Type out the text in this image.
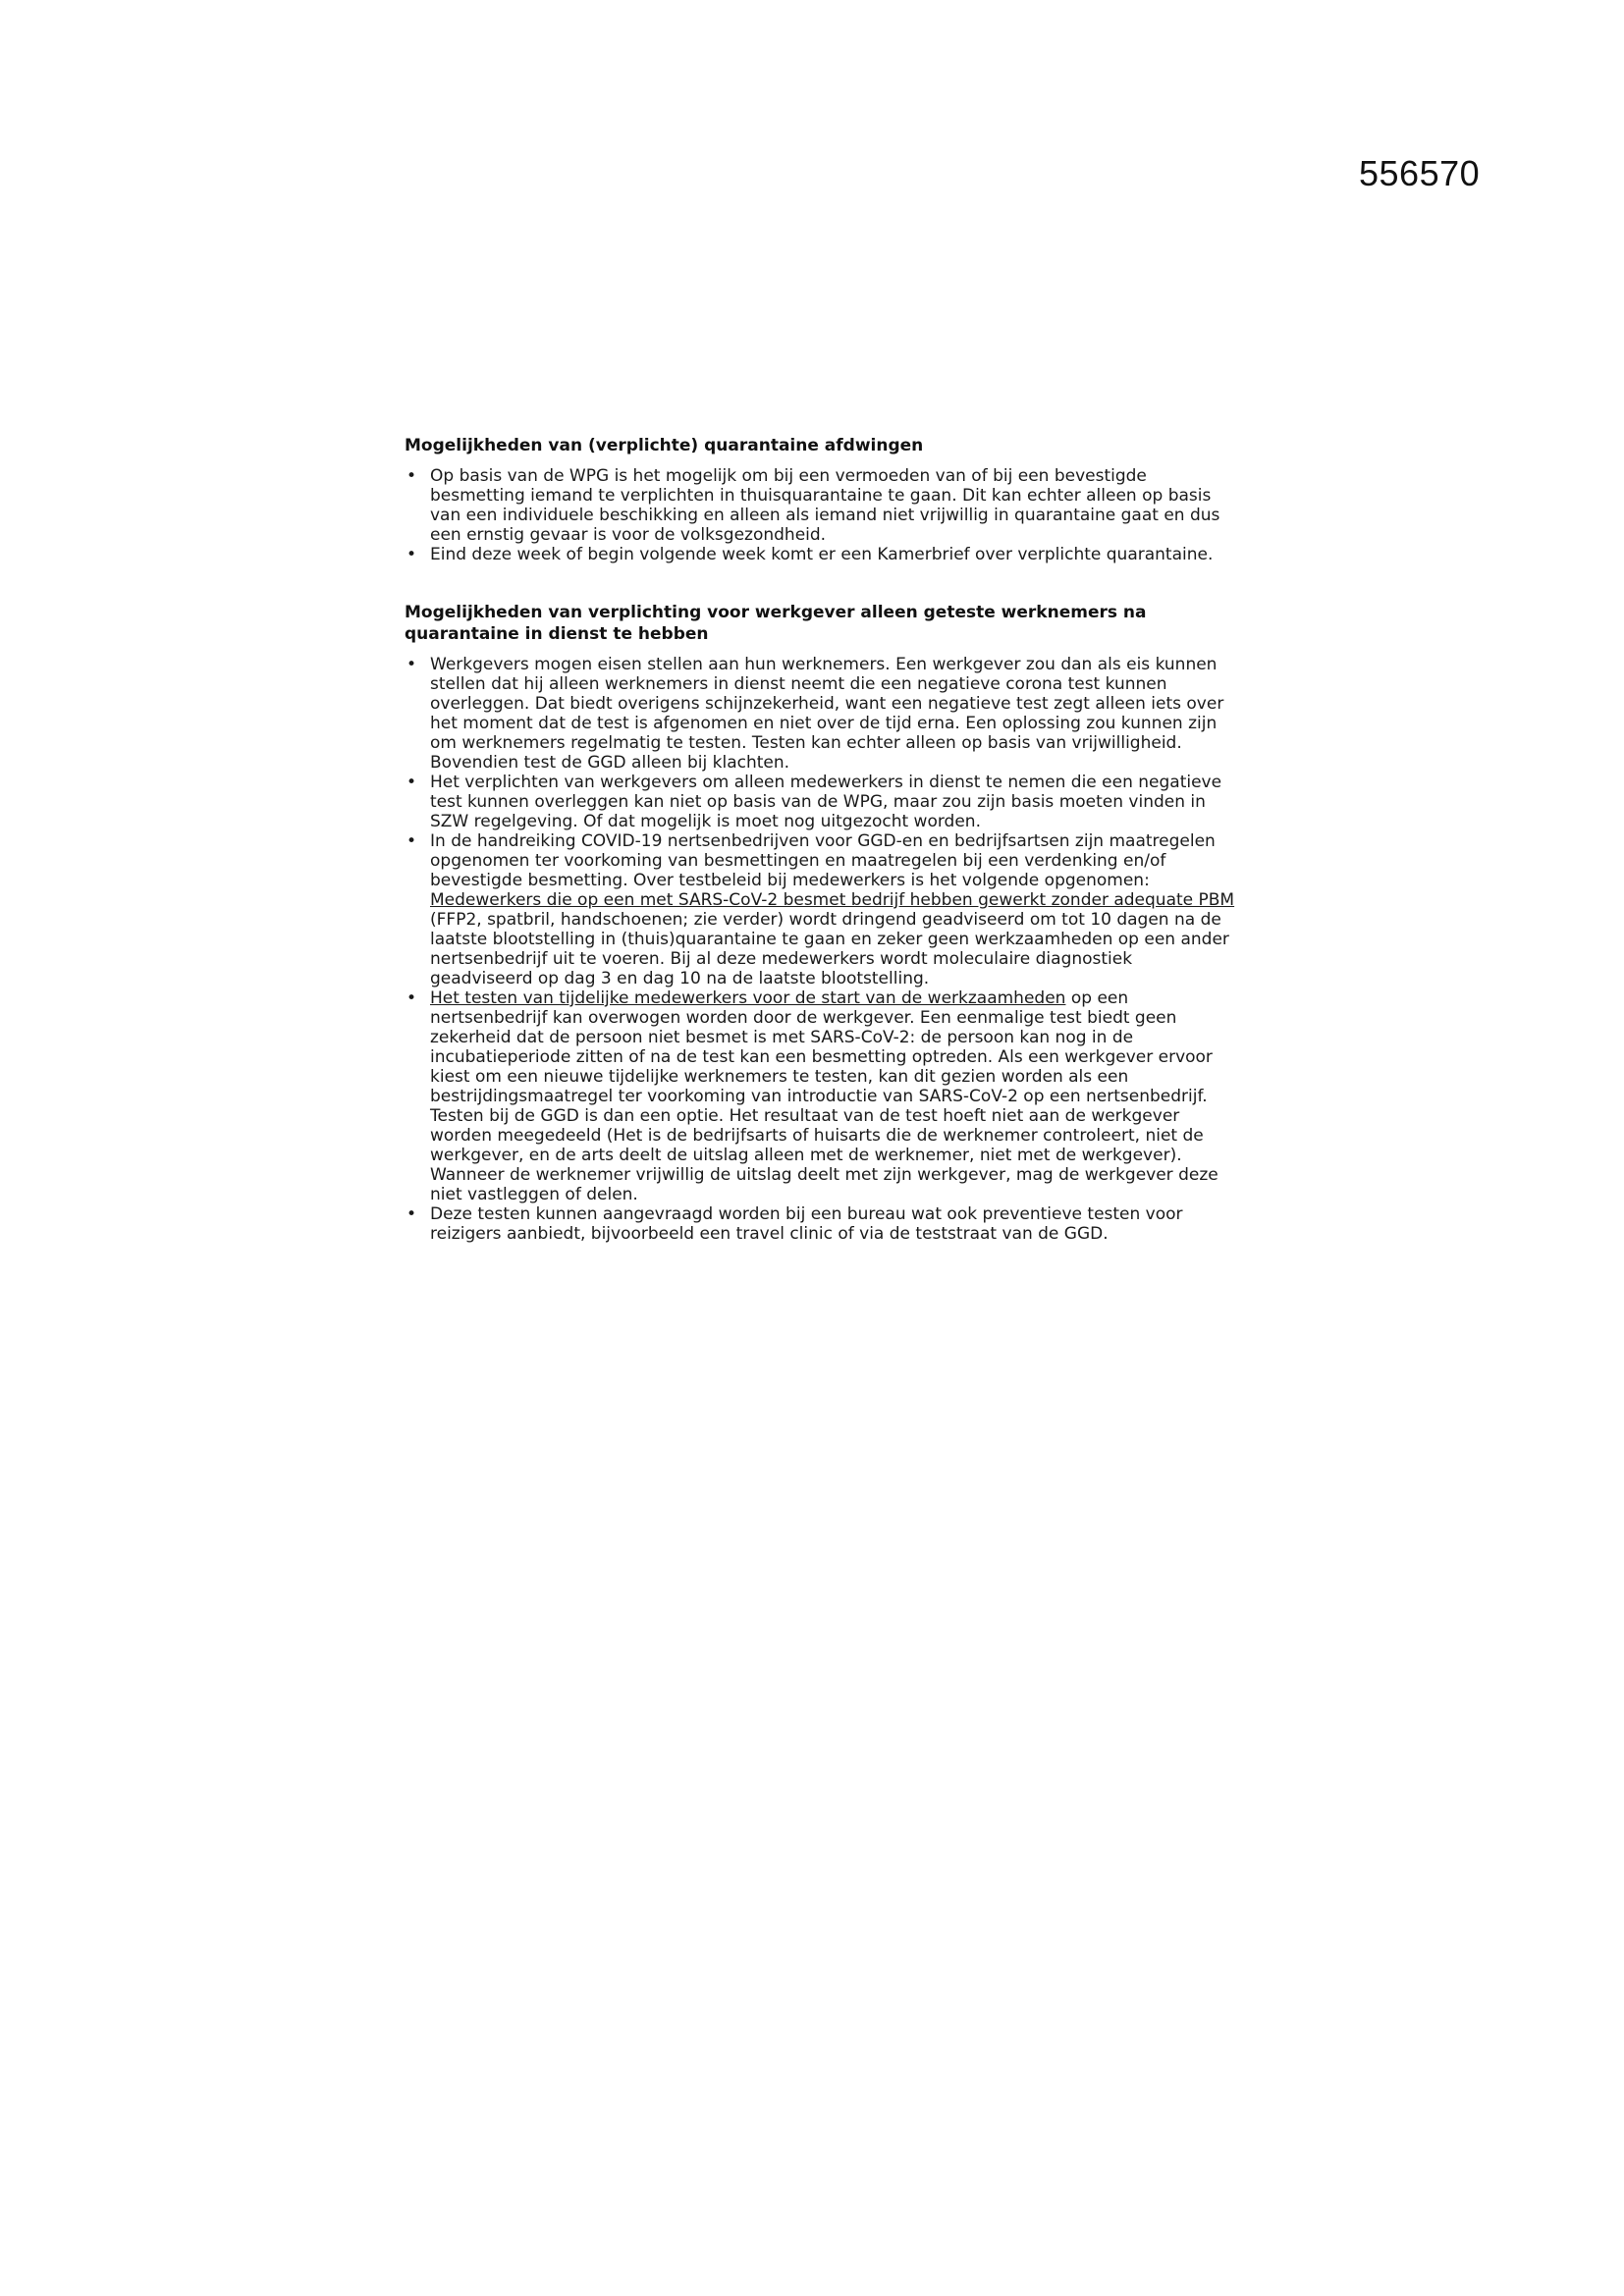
556570
Mogelijkheden van (verplichte) quarantaine afdwingen
• Op basis van de WPG is het mogelijk om bij een vermoeden van of bij een bevestigde besmetting iemand te verplichten in thuisquarantaine te gaan. Dit kan echter alleen op basis van een individuele beschikking en alleen als iemand niet vrijwillig in quarantaine gaat en dus een ernstig gevaar is voor de volksgezondheid.
• Eind deze week of begin volgende week komt er een Kamerbrief over verplichte quarantaine.
Mogelijkheden van verplichting voor werkgever alleen geteste werknemers na quarantaine in dienst te hebben
• Werkgevers mogen eisen stellen aan hun werknemers. Een werkgever zou dan als eis kunnen stellen dat hij alleen werknemers in dienst neemt die een negatieve corona test kunnen overleggen. Dat biedt overigens schijnzekerheid, want een negatieve test zegt alleen iets over het moment dat de test is afgenomen en niet over de tijd erna. Een oplossing zou kunnen zijn om werknemers regelmatig te testen. Testen kan echter alleen op basis van vrijwilligheid. Bovendien test de GGD alleen bij klachten.
• Het verplichten van werkgevers om alleen medewerkers in dienst te nemen die een negatieve test kunnen overleggen kan niet op basis van de WPG, maar zou zijn basis moeten vinden in SZW regelgeving. Of dat mogelijk is moet nog uitgezocht worden.
• In de handreiking COVID-19 nertsenbedrijven voor GGD-en en bedrijfsartsen zijn maatregelen opgenomen ter voorkoming van besmettingen en maatregelen bij een verdenking en/of bevestigde besmetting. Over testbeleid bij medewerkers is het volgende opgenomen:
Medewerkers die op een met SARS-CoV-2 besmet bedrijf hebben gewerkt zonder adequate PBM (FFP2, spatbril, handschoenen; zie verder) wordt dringend geadviseerd om tot 10 dagen na de laatste blootstelling in (thuis)quarantaine te gaan en zeker geen werkzaamheden op een ander nertsenbedrijf uit te voeren. Bij al deze medewerkers wordt moleculaire diagnostiek geadviseerd op dag 3 en dag 10 na de laatste blootstelling.
• Het testen van tijdelijke medewerkers voor de start van de werkzaamheden op een nertsenbedrijf kan overwogen worden door de werkgever. Een eenmalige test biedt geen zekerheid dat de persoon niet besmet is met SARS-CoV-2: de persoon kan nog in de incubatieperiode zitten of na de test kan een besmetting optreden. Als een werkgever ervoor kiest om een nieuwe tijdelijke werknemers te testen, kan dit gezien worden als een bestrijdingsmaatregel ter voorkoming van introductie van SARS-CoV-2 op een nertsenbedrijf. Testen bij de GGD is dan een optie. Het resultaat van de test hoeft niet aan de werkgever worden meegedeeld (Het is de bedrijfsarts of huisarts die de werknemer controleert, niet de werkgever, en de arts deelt de uitslag alleen met de werknemer, niet met de werkgever). Wanneer de werknemer vrijwillig de uitslag deelt met zijn werkgever, mag de werkgever deze niet vastleggen of delen.
• Deze testen kunnen aangevraagd worden bij een bureau wat ook preventieve testen voor reizigers aanbiedt, bijvoorbeeld een travel clinic of via de teststraat van de GGD.
